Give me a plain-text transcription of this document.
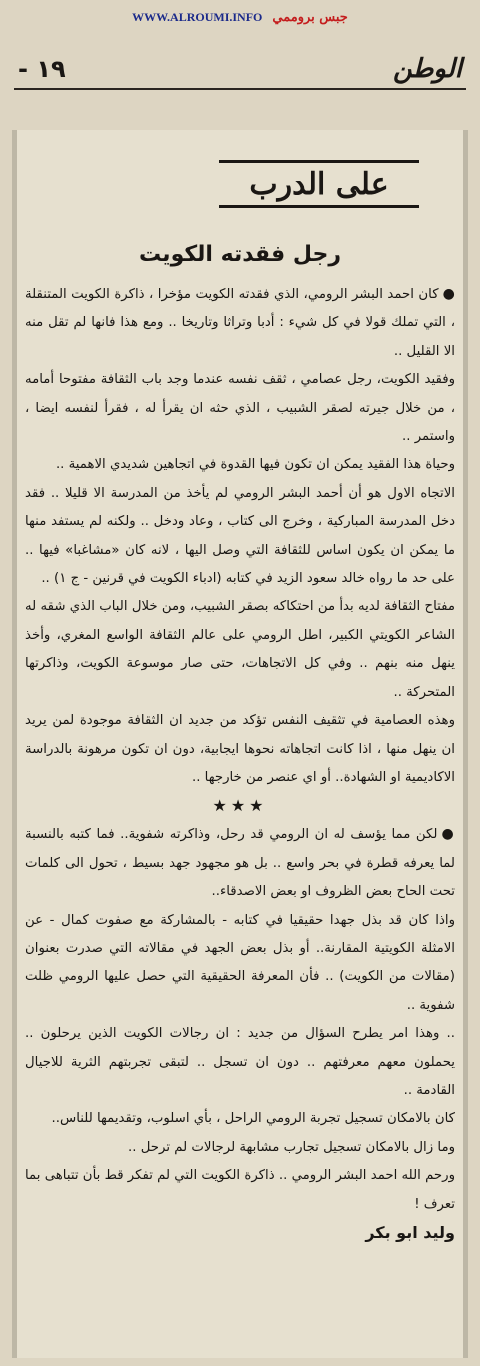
WWW.ALROUMI.INFO جبس بروممي
١٩ -	الوطن
على الدرب
رجل فقدته الكويت

●كان احمد البشر الرومي، الذي فقدته الكويت مؤخرا ، ذاكرة الكويت المتنقلة ، التي تملك قولا في كل شيء : أدبا وتراثا وتاريخا .. ومع هذا فانها لم تقل منه الا القليل ..

وفقيد الكويت، رجل عصامي ، ثقف نفسه عندما وجد باب الثقافة مفتوحا أمامه ، من خلال جيرته لصقر الشبيب ، الذي حثه ان يقرأ له ، فقرأ لنفسه ايضا ، واستمر ..

وحياة هذا الفقيد يمكن ان تكون فيها القدوة في اتجاهين شديدي الاهمية ..

الاتجاه الاول هو أن أحمد البشر الرومي لم يأخذ من المدرسة الا قليلا .. فقد دخل المدرسة المباركية ، وخرج الى كتاب ، وعاد ودخل .. ولكنه لم يستفد منها ما يمكن ان يكون اساس للثقافة التي وصل اليها ، لانه كان «مشاغبا» فيها .. على حد ما رواه خالد سعود الزيد في كتابه (ادباء الكويت في قرنين - ج ١) ..

مفتاح الثقافة لديه بدأ من احتكاكه بصقر الشبيب، ومن خلال الباب الذي شقه له الشاعر الكويتي الكبير، اطل الرومي على عالم الثقافة الواسع المغري، وأخذ ينهل منه بنهم .. وفي كل الاتجاهات، حتى صار موسوعة الكويت، وذاكرتها المتحركة ..

وهذه العصامية في تثقيف النفس تؤكد من جديد ان الثقافة موجودة لمن يريد ان ينهل منها ، اذا كانت اتجاهاته نحوها ايجابية، دون ان تكون مرهونة بالدراسة الاكاديمية او الشهادة.. أو اي عنصر من خارجها ..

★★★

●لكن مما يؤسف له ان الرومي قد رحل، وذاكرته شفوية.. فما كتبه بالنسبة لما يعرفه قطرة في بحر واسع .. بل هو مجهود جهد بسيط ، تحول الى كلمات تحت الحاح بعض الظروف او بعض الاصدقاء..

واذا كان قد بذل جهدا حقيقيا في كتابه - بالمشاركة مع صفوت كمال - عن الامثلة الكويتية المقارنة.. أو بذل بعض الجهد في مقالاته التي صدرت بعنوان (مقالات من الكويت) .. فأن المعرفة الحقيقية التي حصل عليها الرومي ظلت شفوية ..

.. وهذا امر يطرح السؤال من جديد : ان رجالات الكويت الذين يرحلون .. يحملون معهم معرفتهم .. دون ان تسجل .. لتبقى تجربتهم الثرية للاجيال القادمة ..

كان بالامكان تسجيل تجربة الرومي الراحل ، بأي اسلوب، وتقديمها للناس..

وما زال بالامكان تسجيل تجارب مشابهة لرجالات لم ترحل ..

ورحم الله احمد البشر الرومي .. ذاكرة الكويت التي لم تفكر قط بأن تتباهى بما تعرف !

وليد ابو بكر
